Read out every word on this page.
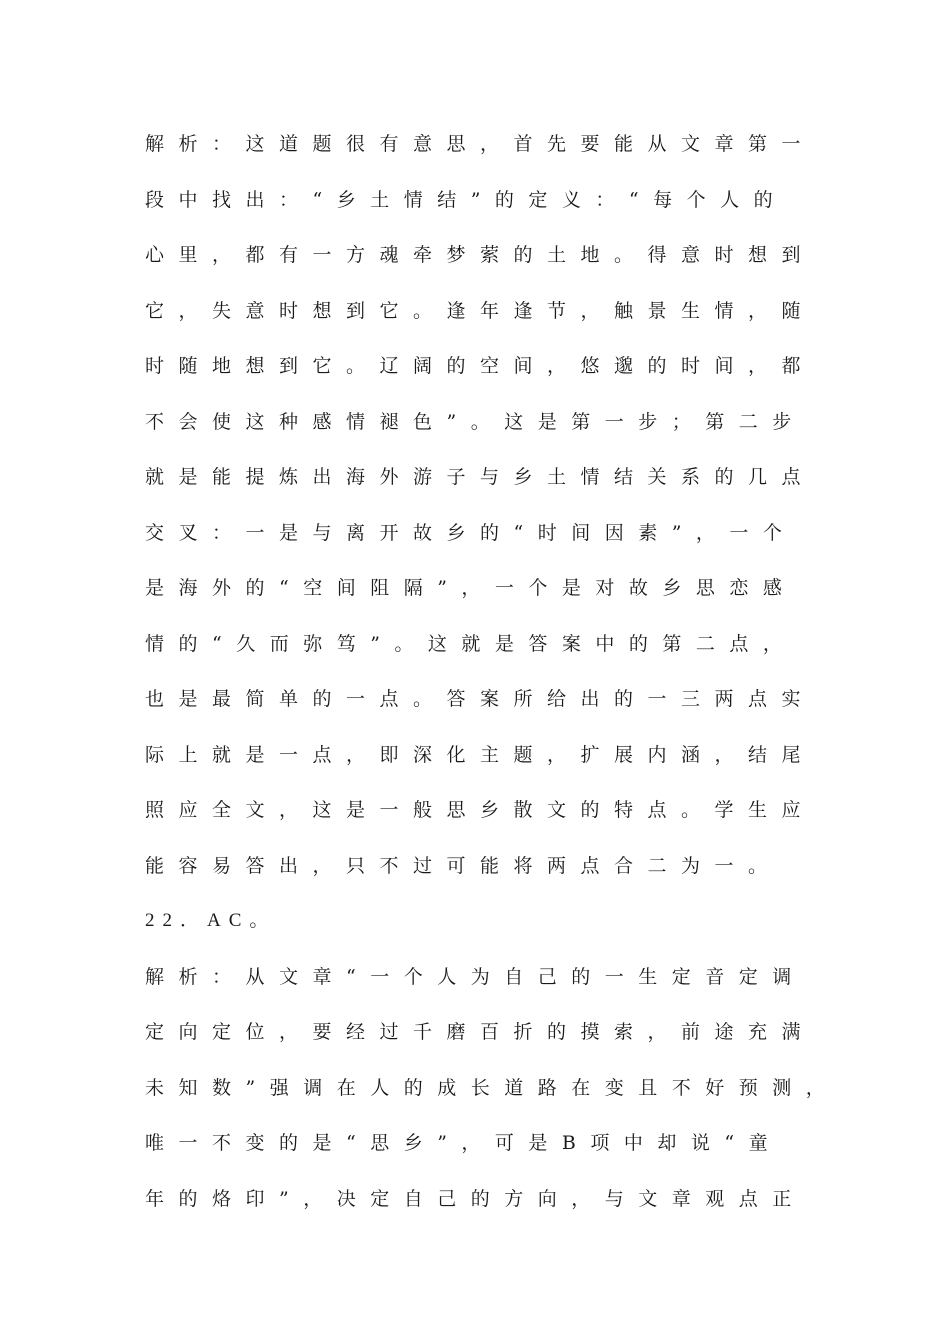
解析：这道题很有意思，首先要能从文章第一
段中找出：“乡土情结”的定义：“每个人的
心里，都有一方魂牵梦萦的土地。得意时想到
它，失意时想到它。逢年逢节，触景生情，随
时随地想到它。辽阔的空间，悠邈的时间，都
不会使这种感情褪色”。这是第一步；第二步
就是能提炼出海外游子与乡土情结关系的几点
交叉：一是与离开故乡的“时间因素”，一个
是海外的“空间阻隔”，一个是对故乡思恋感
情的“久而弥笃”。这就是答案中的第二点，
也是最简单的一点。答案所给出的一三两点实
际上就是一点，即深化主题，扩展内涵，结尾
照应全文，这是一般思乡散文的特点。学生应
能容易答出，只不过可能将两点合二为一。
22．AC。
解析：从文章“一个人为自己的一生定音定调
定向定位，要经过千磨百折的摸索，前途充满
未知数”强调在人的成长道路在变且不好预测，
唯一不变的是“思乡”，可是B项中却说“童
年的烙印”，决定自己的方向，与文章观点正
